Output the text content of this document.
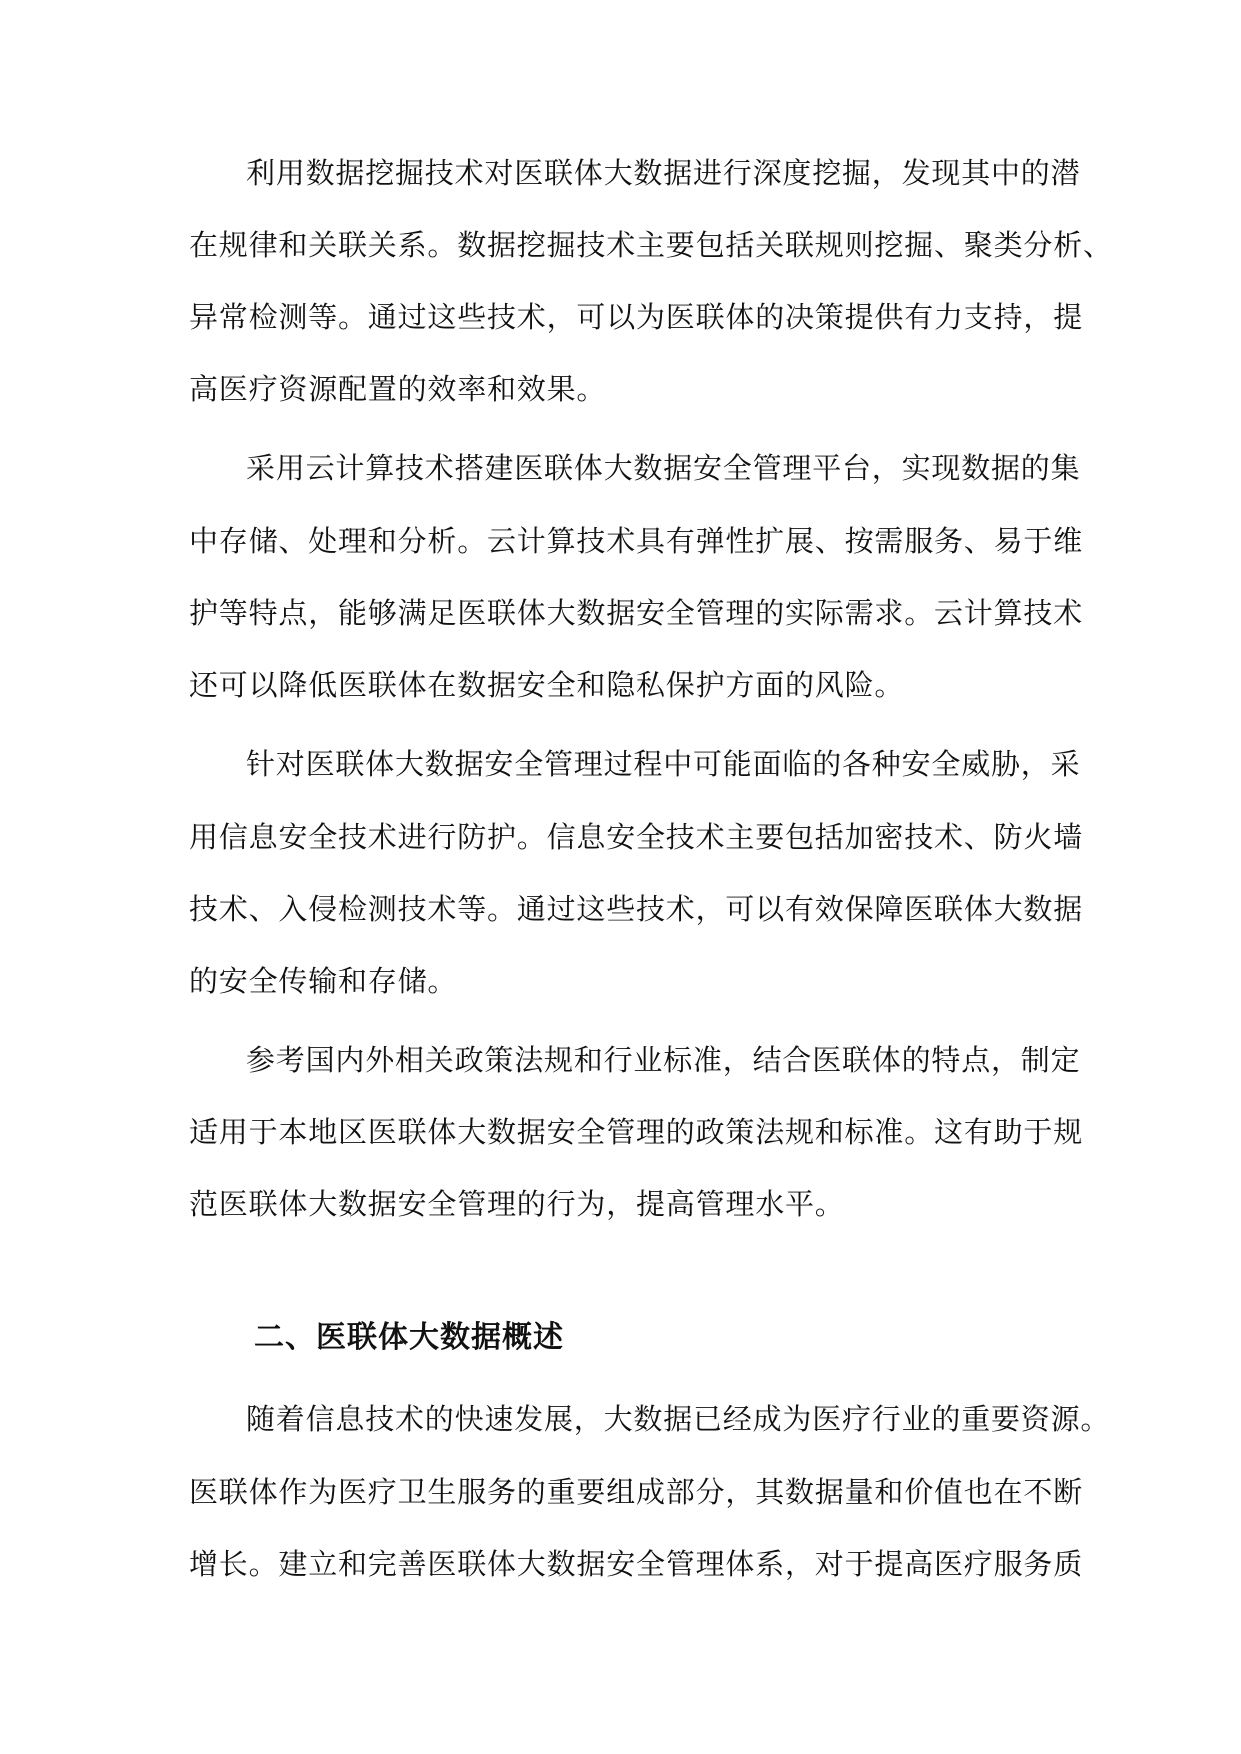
利用数据挖掘技术对医联体大数据进行深度挖掘，发现其中的潜
在规律和关联关系。数据挖掘技术主要包括关联规则挖掘、聚类分析、
异常检测等。通过这些技术，可以为医联体的决策提供有力支持，提
高医疗资源配置的效率和效果。
采用云计算技术搭建医联体大数据安全管理平台，实现数据的集
中存储、处理和分析。云计算技术具有弹性扩展、按需服务、易于维
护等特点，能够满足医联体大数据安全管理的实际需求。云计算技术
还可以降低医联体在数据安全和隐私保护方面的风险。
针对医联体大数据安全管理过程中可能面临的各种安全威胁，采
用信息安全技术进行防护。信息安全技术主要包括加密技术、防火墙
技术、入侵检测技术等。通过这些技术，可以有效保障医联体大数据
的安全传输和存储。
参考国内外相关政策法规和行业标准，结合医联体的特点，制定
适用于本地区医联体大数据安全管理的政策法规和标准。这有助于规
范医联体大数据安全管理的行为，提高管理水平。
二、医联体大数据概述
随着信息技术的快速发展，大数据已经成为医疗行业的重要资源。
医联体作为医疗卫生服务的重要组成部分，其数据量和价值也在不断
增长。建立和完善医联体大数据安全管理体系，对于提高医疗服务质
